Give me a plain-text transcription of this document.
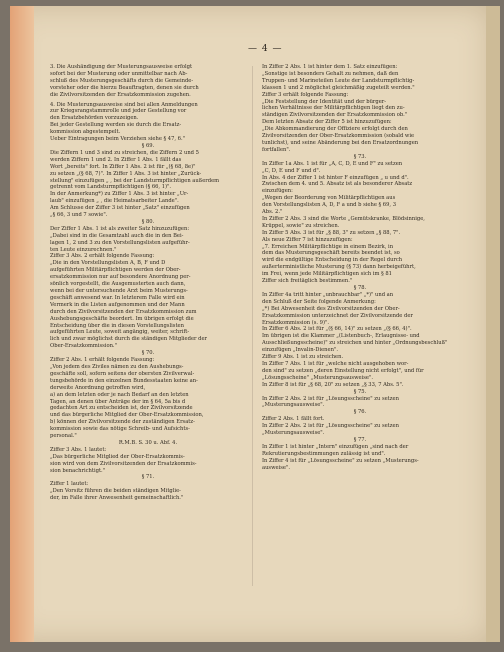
— 4 —
3. Die Aushändigung der Musterungsausweise erfolgt
sofort bei der Musterung oder unmittelbar nach Ab-
schluß des Musterungsgeschäfts durch die Gemeinde-
vorsteher oder die hierzu Beauftragten, denen sie durch
die Zivilvorsitzenden der Ersatzkommission zugehen.

4. Die Musterungsausweise sind bei allen Anmeldungen
zur Kriegsrangstammrolle und jeder Gestellung vor
den Ersatzbehörden vorzuzeigen.
Bei jeder Gestellung werden sie durch die Ersatz-
kommission abgestempelt.
Ueber Eintragungen beim Verziehen siehe § 47, 6."
§ 69.
Die Ziffern 1 und 3 sind zu streichen, die Ziffern 2 und 5
werden Ziffern 1 und 2. In Ziffer 1 Abs. 1 fällt das
Wort „bereits" fort. In Ziffer 1 Abs. 2 ist für „(§ 68, 8e)"
zu setzen „(§ 68, 7)". In Ziffer 1 Abs. 3 ist hinter „Zurück-
stellung" einzufügen „ , bei der Landsturmpflichtigen außerdem
getrennt vom Landsturmpflichtigen (§ 66, 1)".
In der Anmerkung*) zu Ziffer 1 Abs. 3 ist hinter „Ur-
laub" einzufügen „ , die Heimatsarbeiter Lande".
Am Schlusse der Ziffer 3 ist hinter „Satz" einzufügen
„§ 66, 3 und 7 sowie".
§ 80.
Der Ziffer 1 Abs. 1 ist als zweiter Satz hinzuzufügen:
„Dabei sind in die Gesamtzahl auch die in den Bei-
lagen 1, 2 und 3 zu den Vorstellungslisten aufgeführ-
ten Leute einzurechnen."
Ziffer 3 Abs. 2 erhält folgende Fassung:
„Die in den Vorstellungslisten A, B, F und D
aufgeführten Militärpflichtigen werden der Ober-
ersatzkommission nur auf besondere Anordnung per-
sönlich vorgestellt, die Ausgemusterten auch dann,
wenn bei der untersuchende Arzt beim Musterungs-
geschäft anwesend war. In letzterem Falle wird ein
Vermerk in die Listen aufgenommen und der Mann
durch den Zivilvorsitzenden der Ersatzkommission zum
Aushebungsgeschäfte beordert. Im übrigen erfolgt die
Entscheidung über die in diesen Vorstellungslisten
aufgeführten Leute, soweit angängig, weiter, schrift-
lich und zwar möglichst durch die ständigen Mitglieder der
Ober-Ersatzkommission."
§ 70.
Ziffer 2 Abs. 1 erhält folgende Fassung:
„Von jedem des Ziviles nämen zu den Aushebungs-
geschäfte soll, sofern seitens der obersten Zivilverwal-
tungsbehörde in den einzelnen Bundesstaaten keine an-
derweite Anordnung getroffen wird,
a) an dem letzten oder je nach Bedarf an den letzten
Tagen, an denen über Anträge der im § 64, 5a bis d
gedachten Art zu entscheiden ist, der Zivilvorsitzende
und das bürgerliche Mitglied der Ober-Ersatzkommission,
b) können der Zivilvorsitzende der zuständigen Ersatz-
kommission sowie das nötige Schreib- und Aufsichts-
personal."
R.M.B. S. 30 u. Abf. 4.
Ziffer 3 Abs. 1 lautet:
„Das bürgerliche Mitglied der Ober-Ersatzkommis-
sion wird von dem Zivilvorsitzenden der Ersatzkommis-
sion benachrichtigt."
§ 71.
Ziffer 1 lautet:
„Den Vorsitz führen die beiden ständigen Mitglie-
der, im Falle ihrer Anwesenheit gemeinschaftlich."
In Ziffer 2 Abs. 1 ist hinter dem 1. Satz einzufügen:
„Sonstige ist besonders Gehalt zu nehmen, daß den
Truppen- und Marineteilen Leute der Landsturmpflichtig-
klassen 1 und 2 möglichst gleichmäßig zugeteilt werden."
Ziffer 3 erhält folgende Fassung:
„Die Feststellung der Identität und der bürger-
lichen Verhältnisse der Militärpflichtigen liegt den zu-
ständigen Zivilvorsitzenden der Ersatzkommission ob."
Dem letzten Absatz der Ziffer 5 ist hinzuzufügen:
„Die Abkommandierung der Offiziere erfolgt durch den
Zivilvorsitzenden der Ober-Ersatzkommission (sobald wie
tunlichst), und seine Abänderung bei den Ersatzordnungen
fortfallen".
§ 73.
In Ziffer 1a Abs. 1 ist für „A, C, D, E und F" zu setzen
„C, D, E und F und d".
In Abs. 4 der Ziffer 1 ist hinter F einzufügen „ u und d".
Zwischen dem 4. und 5. Absatz ist als besonderer Absatz
einzufügen:
„Wegen der Beorderung von Militärpflichtigen aus
den Vorstellungslisten A, D, F a und b siehe § 69, 3
Abs. 2."
In Ziffer 2 Abs. 3 sind die Worte „Gemütskranke, Blödsinnige,
Krüppel, sowie" zu streichen.
In Ziffer 5 Abs. 3 ist für „§ 88, 3" zu setzen „§ 88, 7".
Als neue Ziffer 7 ist hinzuzufügen:
„7. Erreichen Militärpflichtige in einem Bezirk, in
dem das Musterungsgeschäft bereits beendet ist, so
wird die endgültige Entscheidung in der Regel durch
außerterministliche Musterung (§ 73) dann herbeigeführt,
im Frei, wenn jede Militärpflichtigen sich im § 81
Ziffer sich freitäglich bestimmen."
§ 78.
In Ziffer 4a tritt hinter „unbrauchbar" „*)" und an
den Schluß der Seite folgende Anmerkung:
„*) Bei Abwesenheit des Zivilvorsitzenden der Ober-
Ersatzkommission unterzeichnet der Zivilvorsitzende der
Ersatzkommission (s. 9)".
In Ziffer 6 Abs. 2 ist für „(§ 66, 14)" zu setzen „(§ 66, 4)".
Im übrigen ist die Klammer „(Listenbuch-, Erlaugnisse- und
Ausschließungsscheine)" zu streichen und hinter „Ordnungsbeschluß"
einzufügen „Invalin-Dienen".
Ziffer 9 Abs. 1 ist zu streichen.
In Ziffer 7 Abs. 1 ist für „welche nicht ausgehoben wor-
den sind" zu setzen „deren Einstellung nicht erfolgt", und für
„Lösungsscheine" „Musterungsausweise".
In Ziffer 8 ist für „§ 68, 20" zu setzen „§ 33, 7 Abs. 5".
§ 75.
In Ziffer 2 Abs. 2 ist für „Lösungsscheine" zu setzen
„Musterungsausweise".
§ 76.
Ziffer 2 Abs. 1 fällt fort.
In Ziffer 2 Abs. 2 ist für „Lösungsscheine" zu setzen
„Musterungsausweise".
§ 77.
In Ziffer 1 ist hinter „Intern" einzufügen „sind nach der
Rekrutierungsbestimmungen zulässig ist und".
In Ziffer 4 ist für „Lösungsscheine" zu setzen „Musterungs-
ausweise".
